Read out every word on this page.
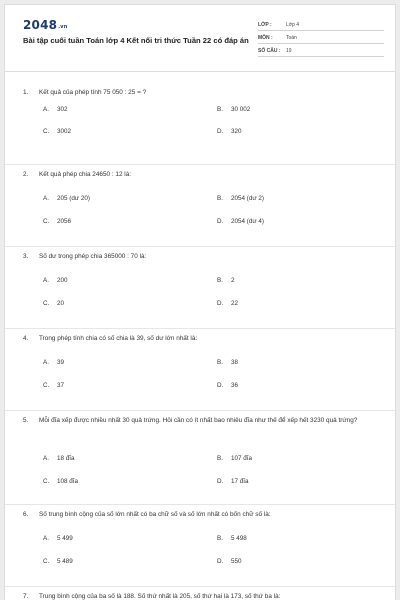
2048.vn
Bài tập cuối tuần Toán lớp 4 Kết nối tri thức Tuần 22 có đáp án
LỚP :	Lớp 4
MÔN :	Toán
SỐ CÂU :	19
1.	Kết quả của phép tính 75 050 : 25 = ?
A.	302	B.	30 002
C.	3002	D.	320
2.	Kết quả phép chia 24650 : 12 là:
A.	205 (dư 20)	B.	2054 (dư 2)
C.	2056	D.	2054 (dư 4)
3.	Số dư trong phép chia 365000 : 70 là:
A.	200	B.	2
C.	20	D.	22
4.	Trong phép tính chia có số chia là 39, số dư lớn nhất là:
A.	39	B.	38
C.	37	D.	36
5.	Mỗi đĩa xếp được nhiều nhất 30 quả trứng. Hỏi cần có ít nhất bao nhiêu đĩa như thế để xếp hết 3230 quả trứng?
A.	18 đĩa	B.	107 đĩa
C.	108 đĩa	D.	17 đĩa
6.	Số trung bình cộng của số lớn nhất có ba chữ số và số lớn nhất có bốn chữ số là:
A.	5 499	B.	5 498
C.	5 489	D.	550
7.	Trung bình cộng của ba số là 188. Số thứ nhất là 205, số thứ hai là 173, số thứ ba là:
